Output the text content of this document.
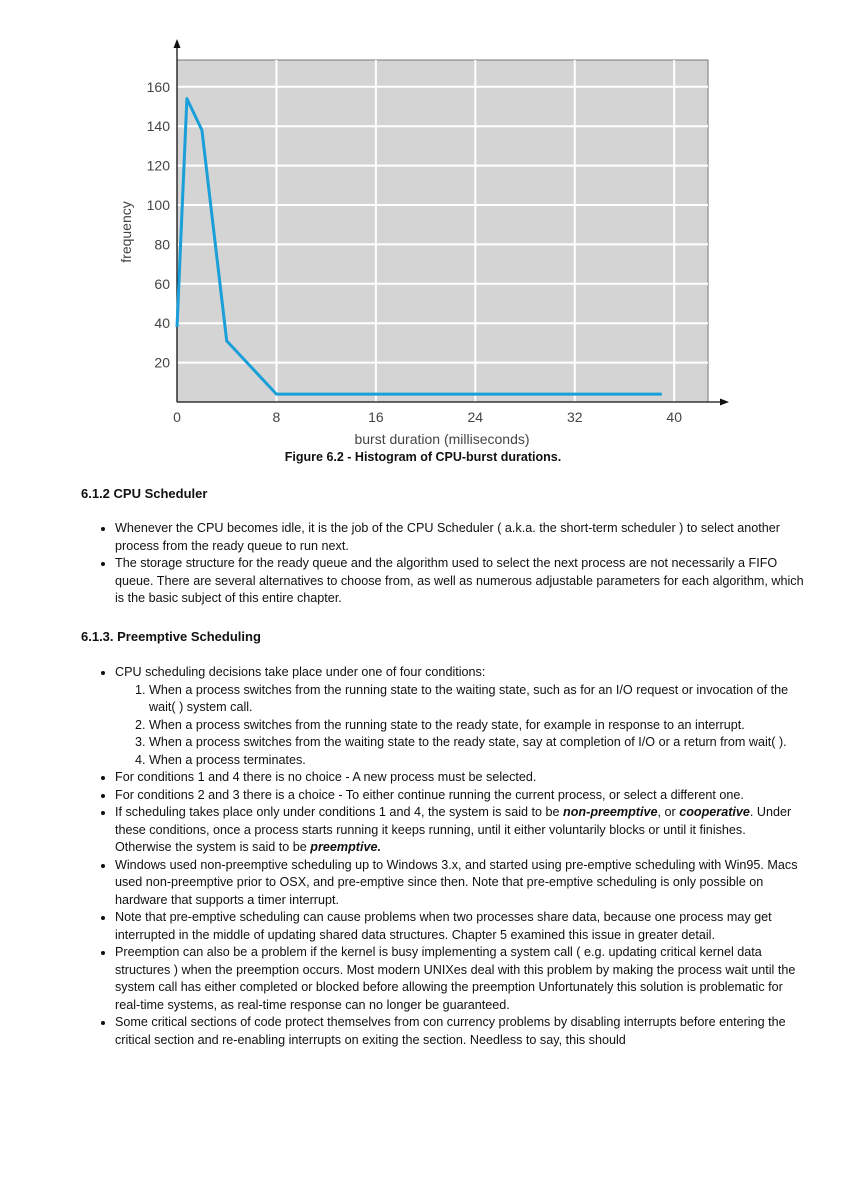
0	8	16	24	32	40
20
40
60
80
100
120
140
160
burst duration (milliseconds)
frequency
Figure 6.2 - Histogram of CPU-burst durations.
6.1.2 CPU Scheduler
• Whenever the CPU becomes idle, it is the job of the CPU Scheduler ( a.k.a. the short-term scheduler ) to select another process from the ready queue to run next.
• The storage structure for the ready queue and the algorithm used to select the next process are not necessarily a FIFO queue. There are several alternatives to choose from, as well as numerous adjustable parameters for each algorithm, which is the basic subject of this entire chapter.
6.1.3. Preemptive Scheduling
• CPU scheduling decisions take place under one of four conditions:
1. When a process switches from the running state to the waiting state, such as for an I/O request or invocation of the wait( ) system call.
2. When a process switches from the running state to the ready state, for example in response to an interrupt.
3. When a process switches from the waiting state to the ready state, say at completion of I/O or a return from wait( ).
4. When a process terminates.
• For conditions 1 and 4 there is no choice - A new process must be selected.
• For conditions 2 and 3 there is a choice - To either continue running the current process, or select a different one.
• If scheduling takes place only under conditions 1 and 4, the system is said to be non-preemptive, or cooperative. Under these conditions, once a process starts running it keeps running, until it either voluntarily blocks or until it finishes. Otherwise the system is said to be preemptive.
• Windows used non-preemptive scheduling up to Windows 3.x, and started using pre-emptive scheduling with Win95. Macs used non-preemptive prior to OSX, and pre-emptive since then. Note that pre-emptive scheduling is only possible on hardware that supports a timer interrupt.
• Note that pre-emptive scheduling can cause problems when two processes share data, because one process may get interrupted in the middle of updating shared data structures. Chapter 5 examined this issue in greater detail.
• Preemption can also be a problem if the kernel is busy implementing a system call ( e.g. updating critical kernel data structures ) when the preemption occurs. Most modern UNIXes deal with this problem by making the process wait until the system call has either completed or blocked before allowing the preemption Unfortunately this solution is problematic for real-time systems, as real-time response can no longer be guaranteed.
• Some critical sections of code protect themselves from con currency problems by disabling interrupts before entering the critical section and re-enabling interrupts on exiting the section. Needless to say, this should
